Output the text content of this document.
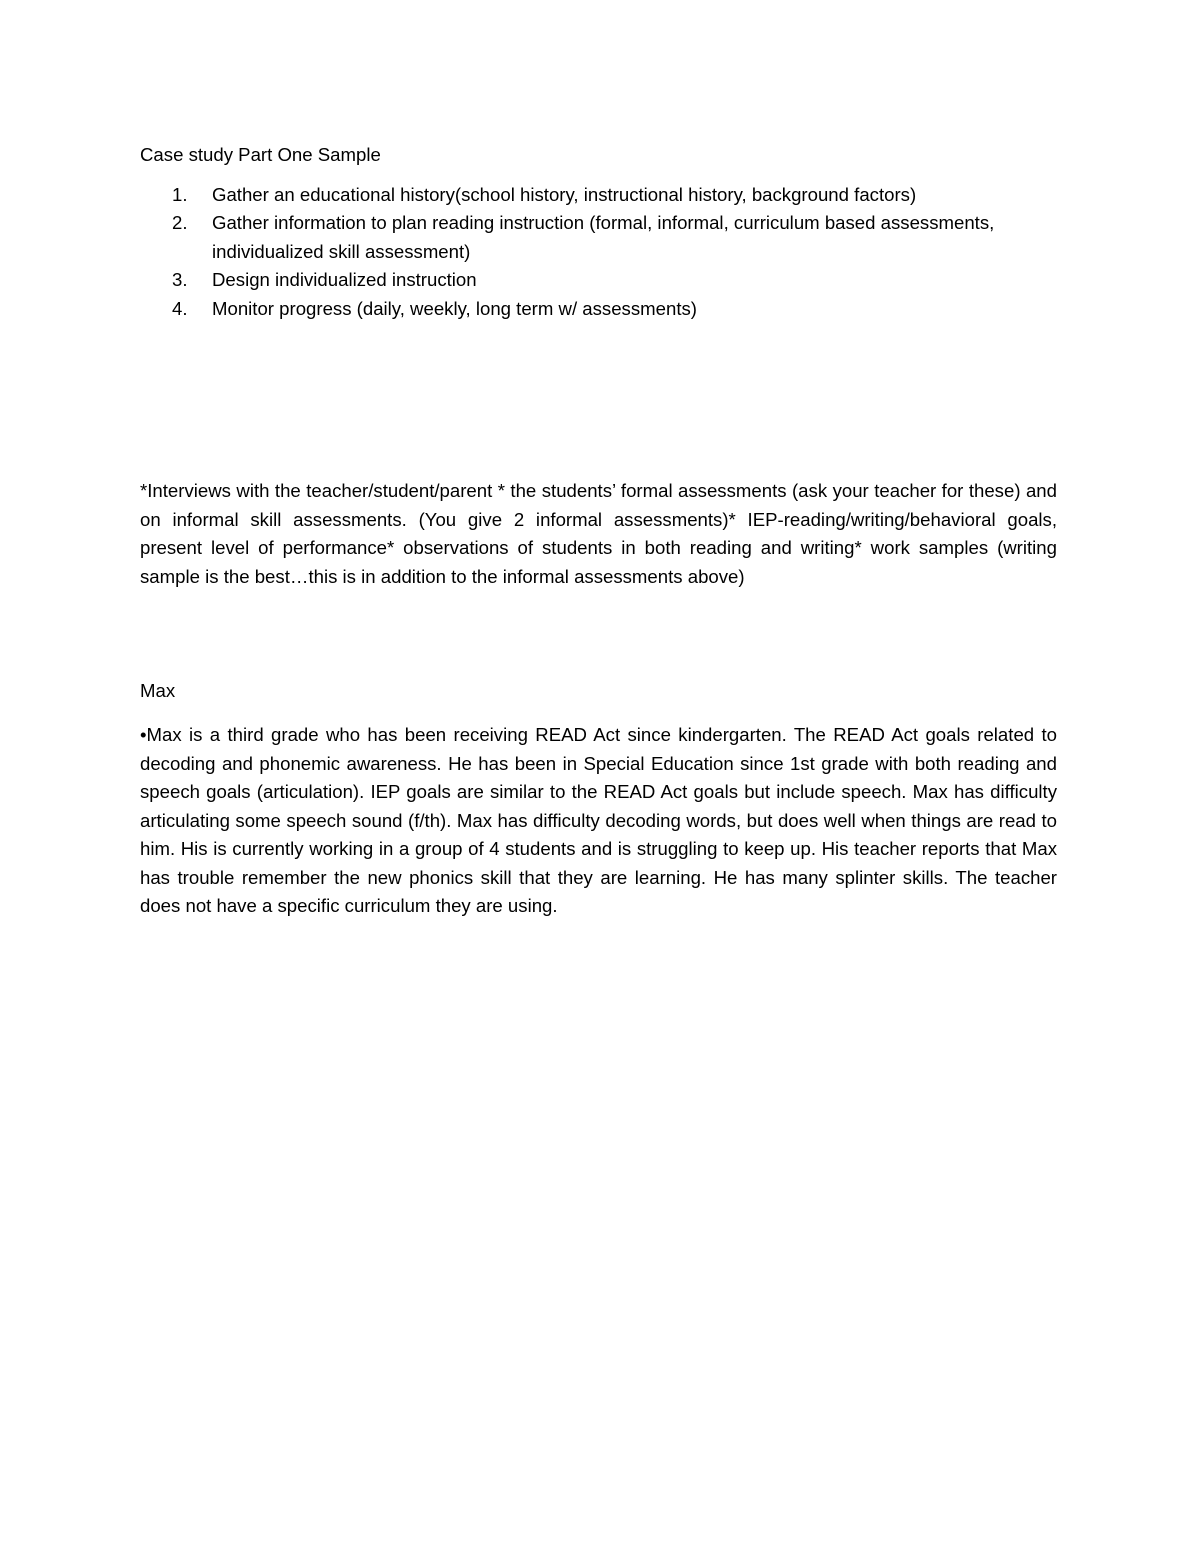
Case study Part One Sample

1.	Gather an educational history(school history, instructional history, background factors)
2.	Gather information to plan reading instruction (formal, informal, curriculum based assessments, individualized skill assessment)
3.	Design individualized instruction
4.	Monitor progress (daily, weekly, long term w/ assessments)

*Interviews with the teacher/student/parent * the students’ formal assessments (ask your teacher for these) and on informal skill assessments. (You give 2 informal assessments)* IEP-reading/writing/behavioral goals, present level of performance* observations of students in both reading and writing* work samples (writing sample is the best…this is in addition to the informal assessments above)

Max

•Max is a third grade who has been receiving READ Act since kindergarten. The READ Act goals related to decoding and phonemic awareness. He has been in Special Education since 1st grade with both reading and speech goals (articulation). IEP goals are similar to the READ Act goals but include speech. Max has difficulty articulating some speech sound (f/th). Max has difficulty decoding words, but does well when things are read to him. His is currently working in a group of 4 students and is struggling to keep up. His teacher reports that Max has trouble remember the new phonics skill that they are learning. He has many splinter skills. The teacher does not have a specific curriculum they are using.
